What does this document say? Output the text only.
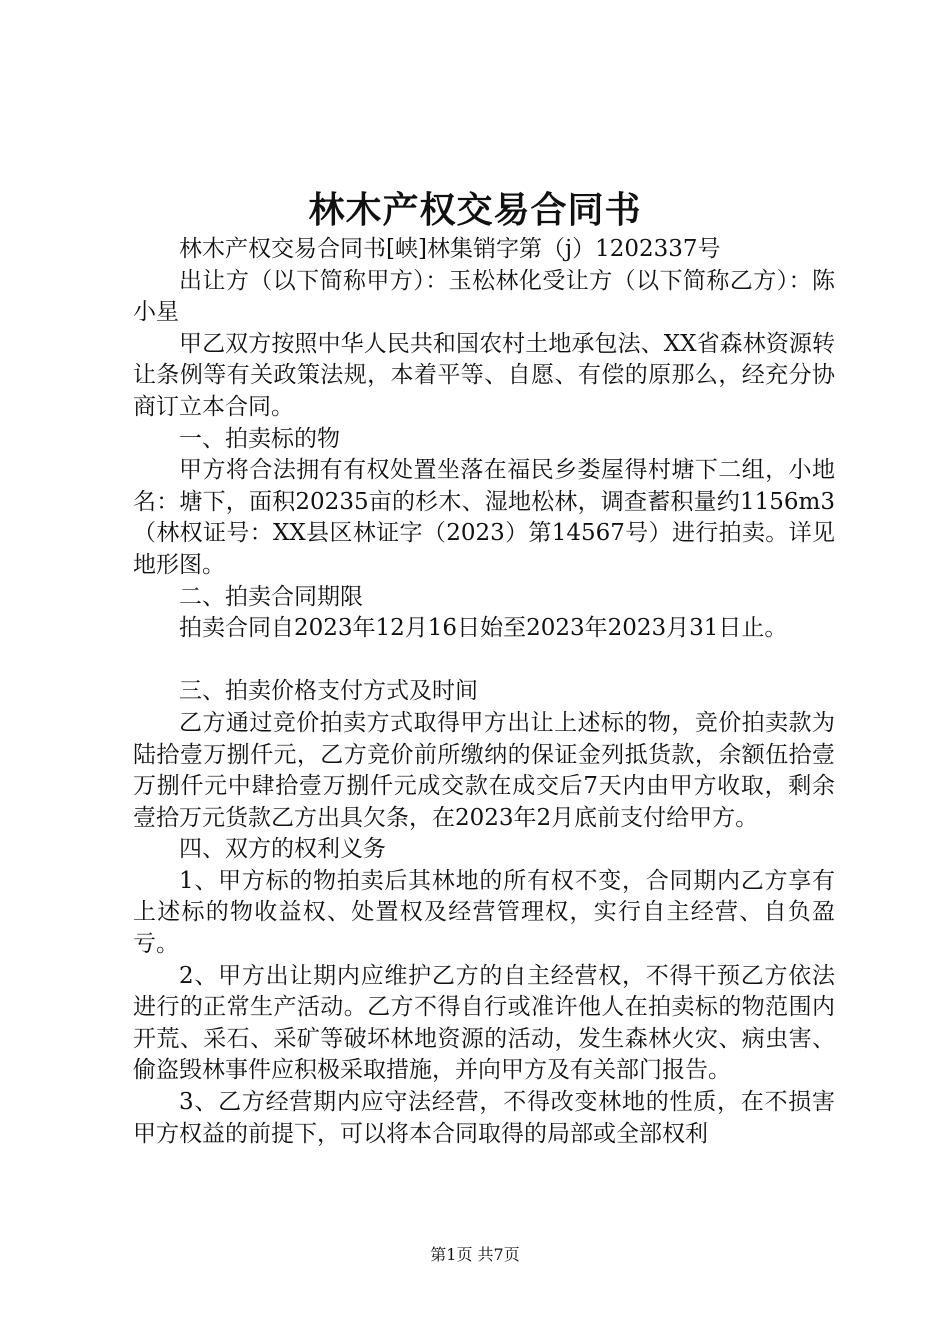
林木产权交易合同书

林木产权交易合同书[峡]林集销字第（j）1202337号

出让方（以下简称甲方）：玉松林化受让方（以下简称乙方）：陈小星

甲乙双方按照中华人民共和国农村土地承包法、XX省森林资源转让条例等有关政策法规，本着平等、自愿、有偿的原那么，经充分协商订立本合同。

一、拍卖标的物

甲方将合法拥有有权处置坐落在福民乡娄屋得村塘下二组，小地名：塘下，面积20235亩的杉木、湿地松林，调查蓄积量约1156m3（林权证号：XX县区林证字（2023）第14567号）进行拍卖。详见地形图。

二、拍卖合同期限

拍卖合同自2023年12月16日始至2023年2023月31日止。

三、拍卖价格支付方式及时间

乙方通过竞价拍卖方式取得甲方出让上述标的物，竞价拍卖款为陆拾壹万捌仟元，乙方竞价前所缴纳的保证金列抵货款，余额伍拾壹万捌仟元中肆拾壹万捌仟元成交款在成交后7天内由甲方收取，剩余壹拾万元货款乙方出具欠条，在2023年2月底前支付给甲方。

四、双方的权利义务

1、甲方标的物拍卖后其林地的所有权不变，合同期内乙方享有上述标的物收益权、处置权及经营管理权，实行自主经营、自负盈亏。

2、甲方出让期内应维护乙方的自主经营权，不得干预乙方依法进行的正常生产活动。乙方不得自行或准许他人在拍卖标的物范围内开荒、采石、采矿等破坏林地资源的活动，发生森林火灾、病虫害、偷盗毁林事件应积极采取措施，并向甲方及有关部门报告。

3、乙方经营期内应守法经营，不得改变林地的性质，在不损害甲方权益的前提下，可以将本合同取得的局部或全部权利

第1页 共7页
